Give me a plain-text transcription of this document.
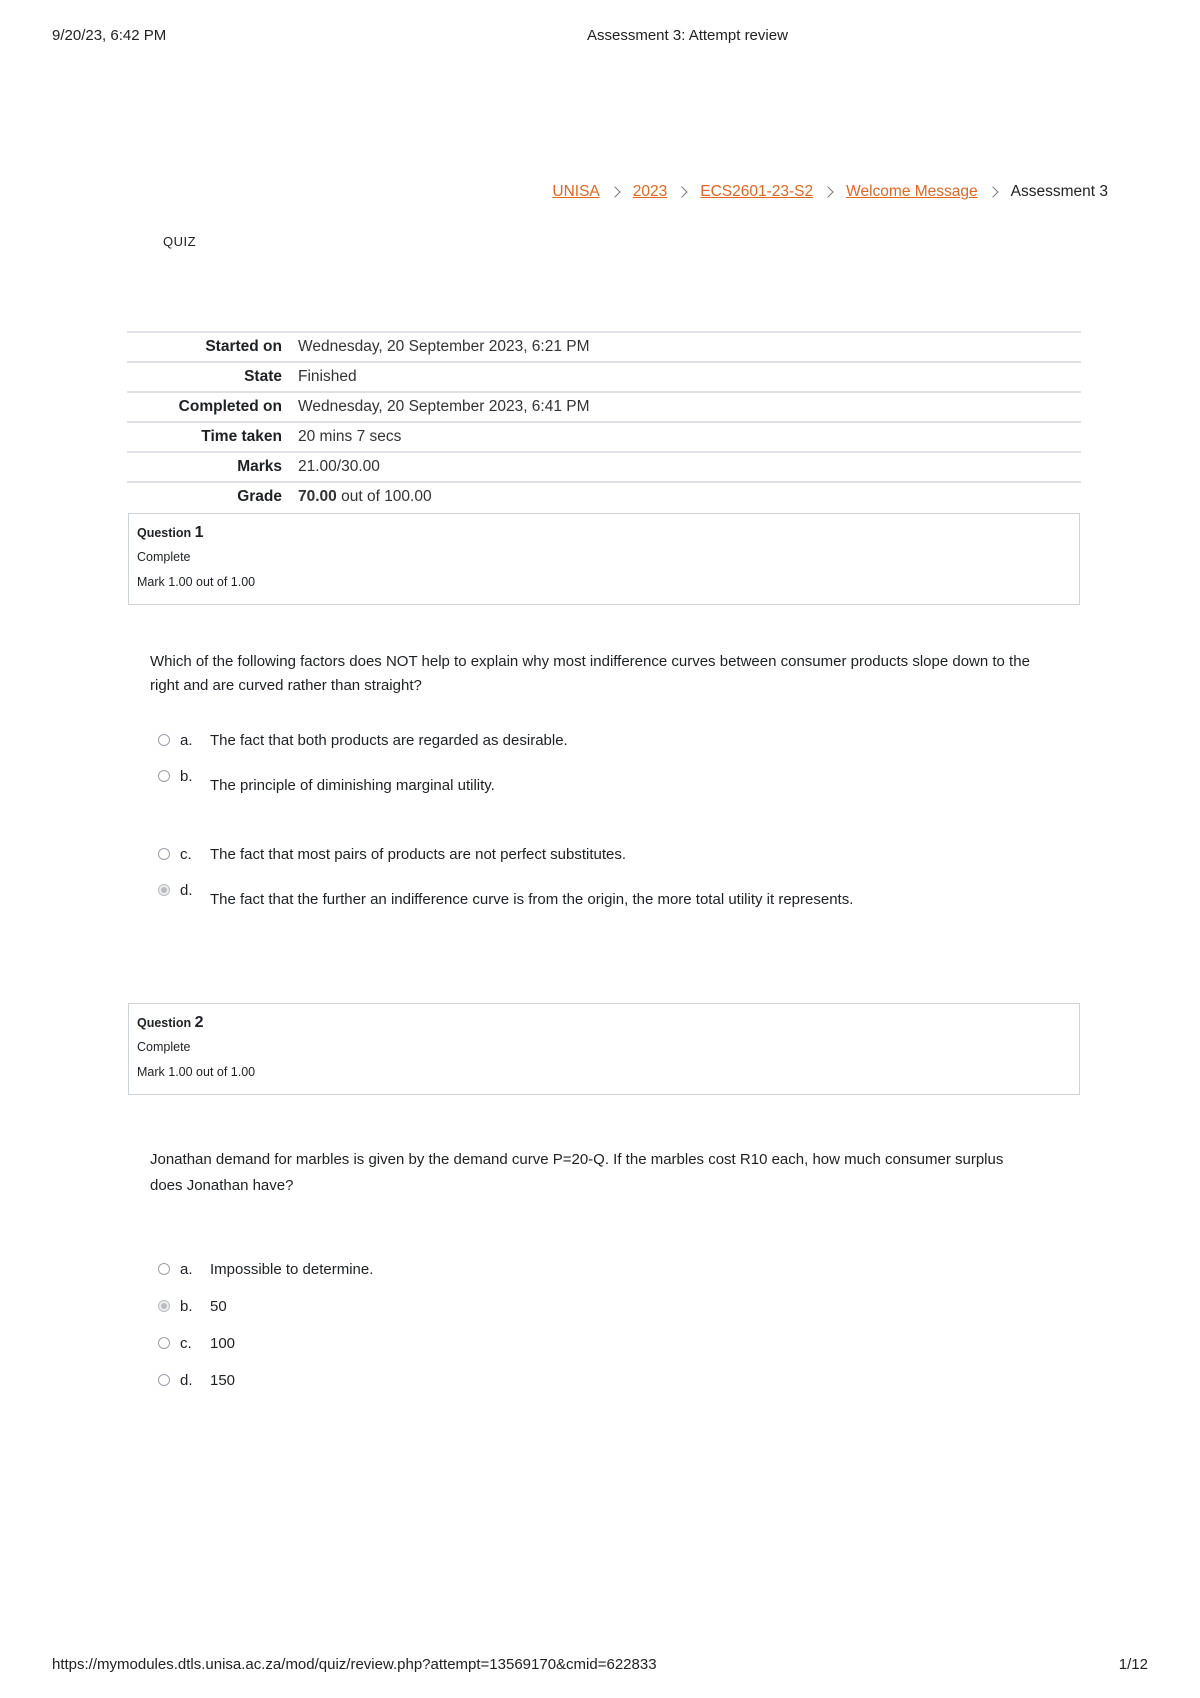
9/20/23, 6:42 PM	Assessment 3: Attempt review
UNISA 2023 ECS2601-23-S2 Welcome Message Assessment 3
QUIZ
Started on	Wednesday, 20 September 2023, 6:21 PM
State	Finished
Completed on	Wednesday, 20 September 2023, 6:41 PM
Time taken	20 mins 7 secs
Marks	21.00/30.00
Grade	70.00 out of 100.00
Question 1
Complete
Mark 1.00 out of 1.00
Which of the following factors does NOT help to explain why most indifference curves between consumer products slope down to the right and are curved rather than straight?
a.	The fact that both products are regarded as desirable.
b.
The principle of diminishing marginal utility.
c.	The fact that most pairs of products are not perfect substitutes.
d.
The fact that the further an indifference curve is from the origin, the more total utility it represents.
Question 2
Complete
Mark 1.00 out of 1.00
Jonathan demand for marbles is given by the demand curve P=20-Q. If the marbles cost R10 each, how much consumer surplus does Jonathan have?
a.	Impossible to determine.
b.	50
c.	100
d.	150
https://mymodules.dtls.unisa.ac.za/mod/quiz/review.php?attempt=13569170&cmid=622833	1/12
